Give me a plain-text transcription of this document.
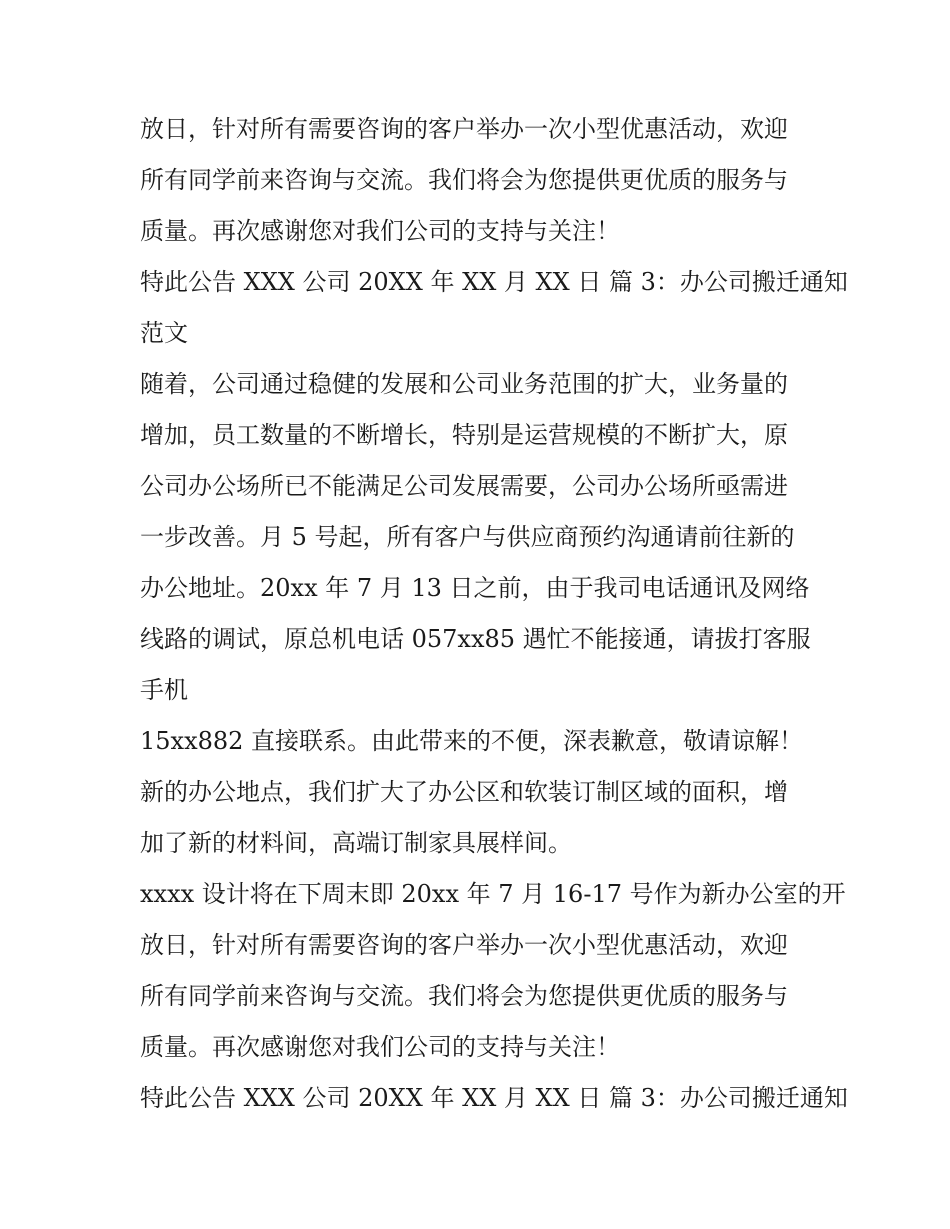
放日，针对所有需要咨询的客户举办一次小型优惠活动，欢迎
所有同学前来咨询与交流。我们将会为您提供更优质的服务与
质量。再次感谢您对我们公司的支持与关注！
特此公告 XXX 公司 20XX 年 XX 月 XX 日 篇 3：办公司搬迁通知
范文
随着，公司通过稳健的发展和公司业务范围的扩大，业务量的
增加，员工数量的不断增长，特别是运营规模的不断扩大，原
公司办公场所已不能满足公司发展需要，公司办公场所亟需进
一步改善。月 5 号起，所有客户与供应商预约沟通请前往新的
办公地址。20xx 年 7 月 13 日之前，由于我司电话通讯及网络
线路的调试，原总机电话 057xx85 遇忙不能接通，请拔打客服
手机
15xx882 直接联系。由此带来的不便，深表歉意，敬请谅解！
新的办公地点，我们扩大了办公区和软装订制区域的面积，增
加了新的材料间，高端订制家具展样间。
xxxx 设计将在下周末即 20xx 年 7 月 16-17 号作为新办公室的开
放日，针对所有需要咨询的客户举办一次小型优惠活动，欢迎
所有同学前来咨询与交流。我们将会为您提供更优质的服务与
质量。再次感谢您对我们公司的支持与关注！
特此公告 XXX 公司 20XX 年 XX 月 XX 日 篇 3：办公司搬迁通知
